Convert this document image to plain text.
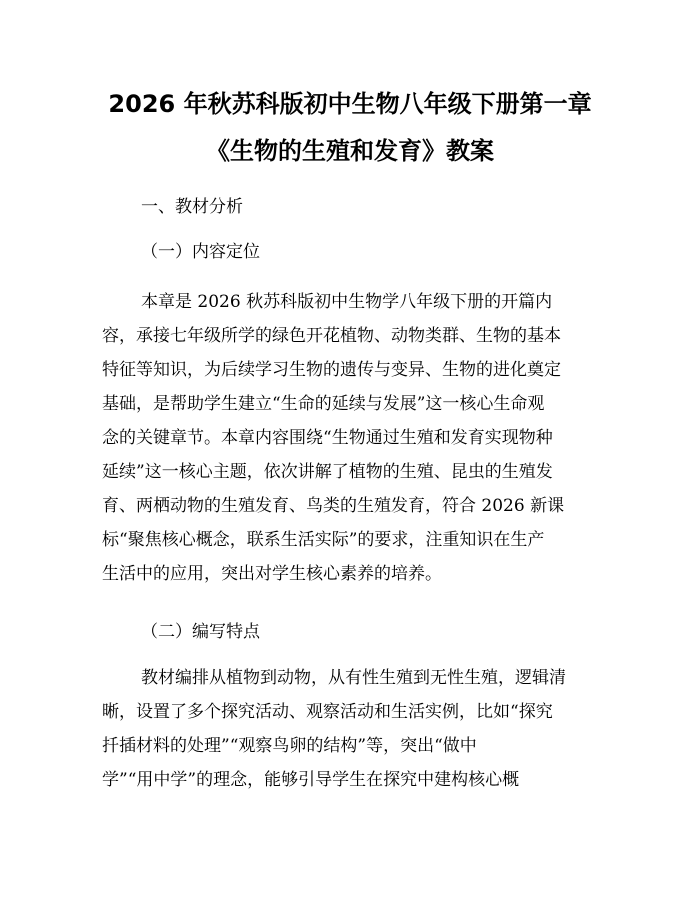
2026 年秋苏科版初中生物八年级下册第一章
《生物的生殖和发育》教案
一、教材分析
（一）内容定位
本章是 2026 秋苏科版初中生物学八年级下册的开篇内
容，承接七年级所学的绿色开花植物、动物类群、生物的基本
特征等知识，为后续学习生物的遗传与变异、生物的进化奠定
基础，是帮助学生建立“生命的延续与发展”这一核心生命观
念的关键章节。本章内容围绕“生物通过生殖和发育实现物种
延续”这一核心主题，依次讲解了植物的生殖、昆虫的生殖发
育、两栖动物的生殖发育、鸟类的生殖发育，符合 2026 新课
标“聚焦核心概念，联系生活实际”的要求，注重知识在生产
生活中的应用，突出对学生核心素养的培养。
（二）编写特点
教材编排从植物到动物，从有性生殖到无性生殖，逻辑清
晰，设置了多个探究活动、观察活动和生活实例，比如“探究
扦插材料的处理”“观察鸟卵的结构”等，突出“做中
学”“用中学”的理念，能够引导学生在探究中建构核心概
